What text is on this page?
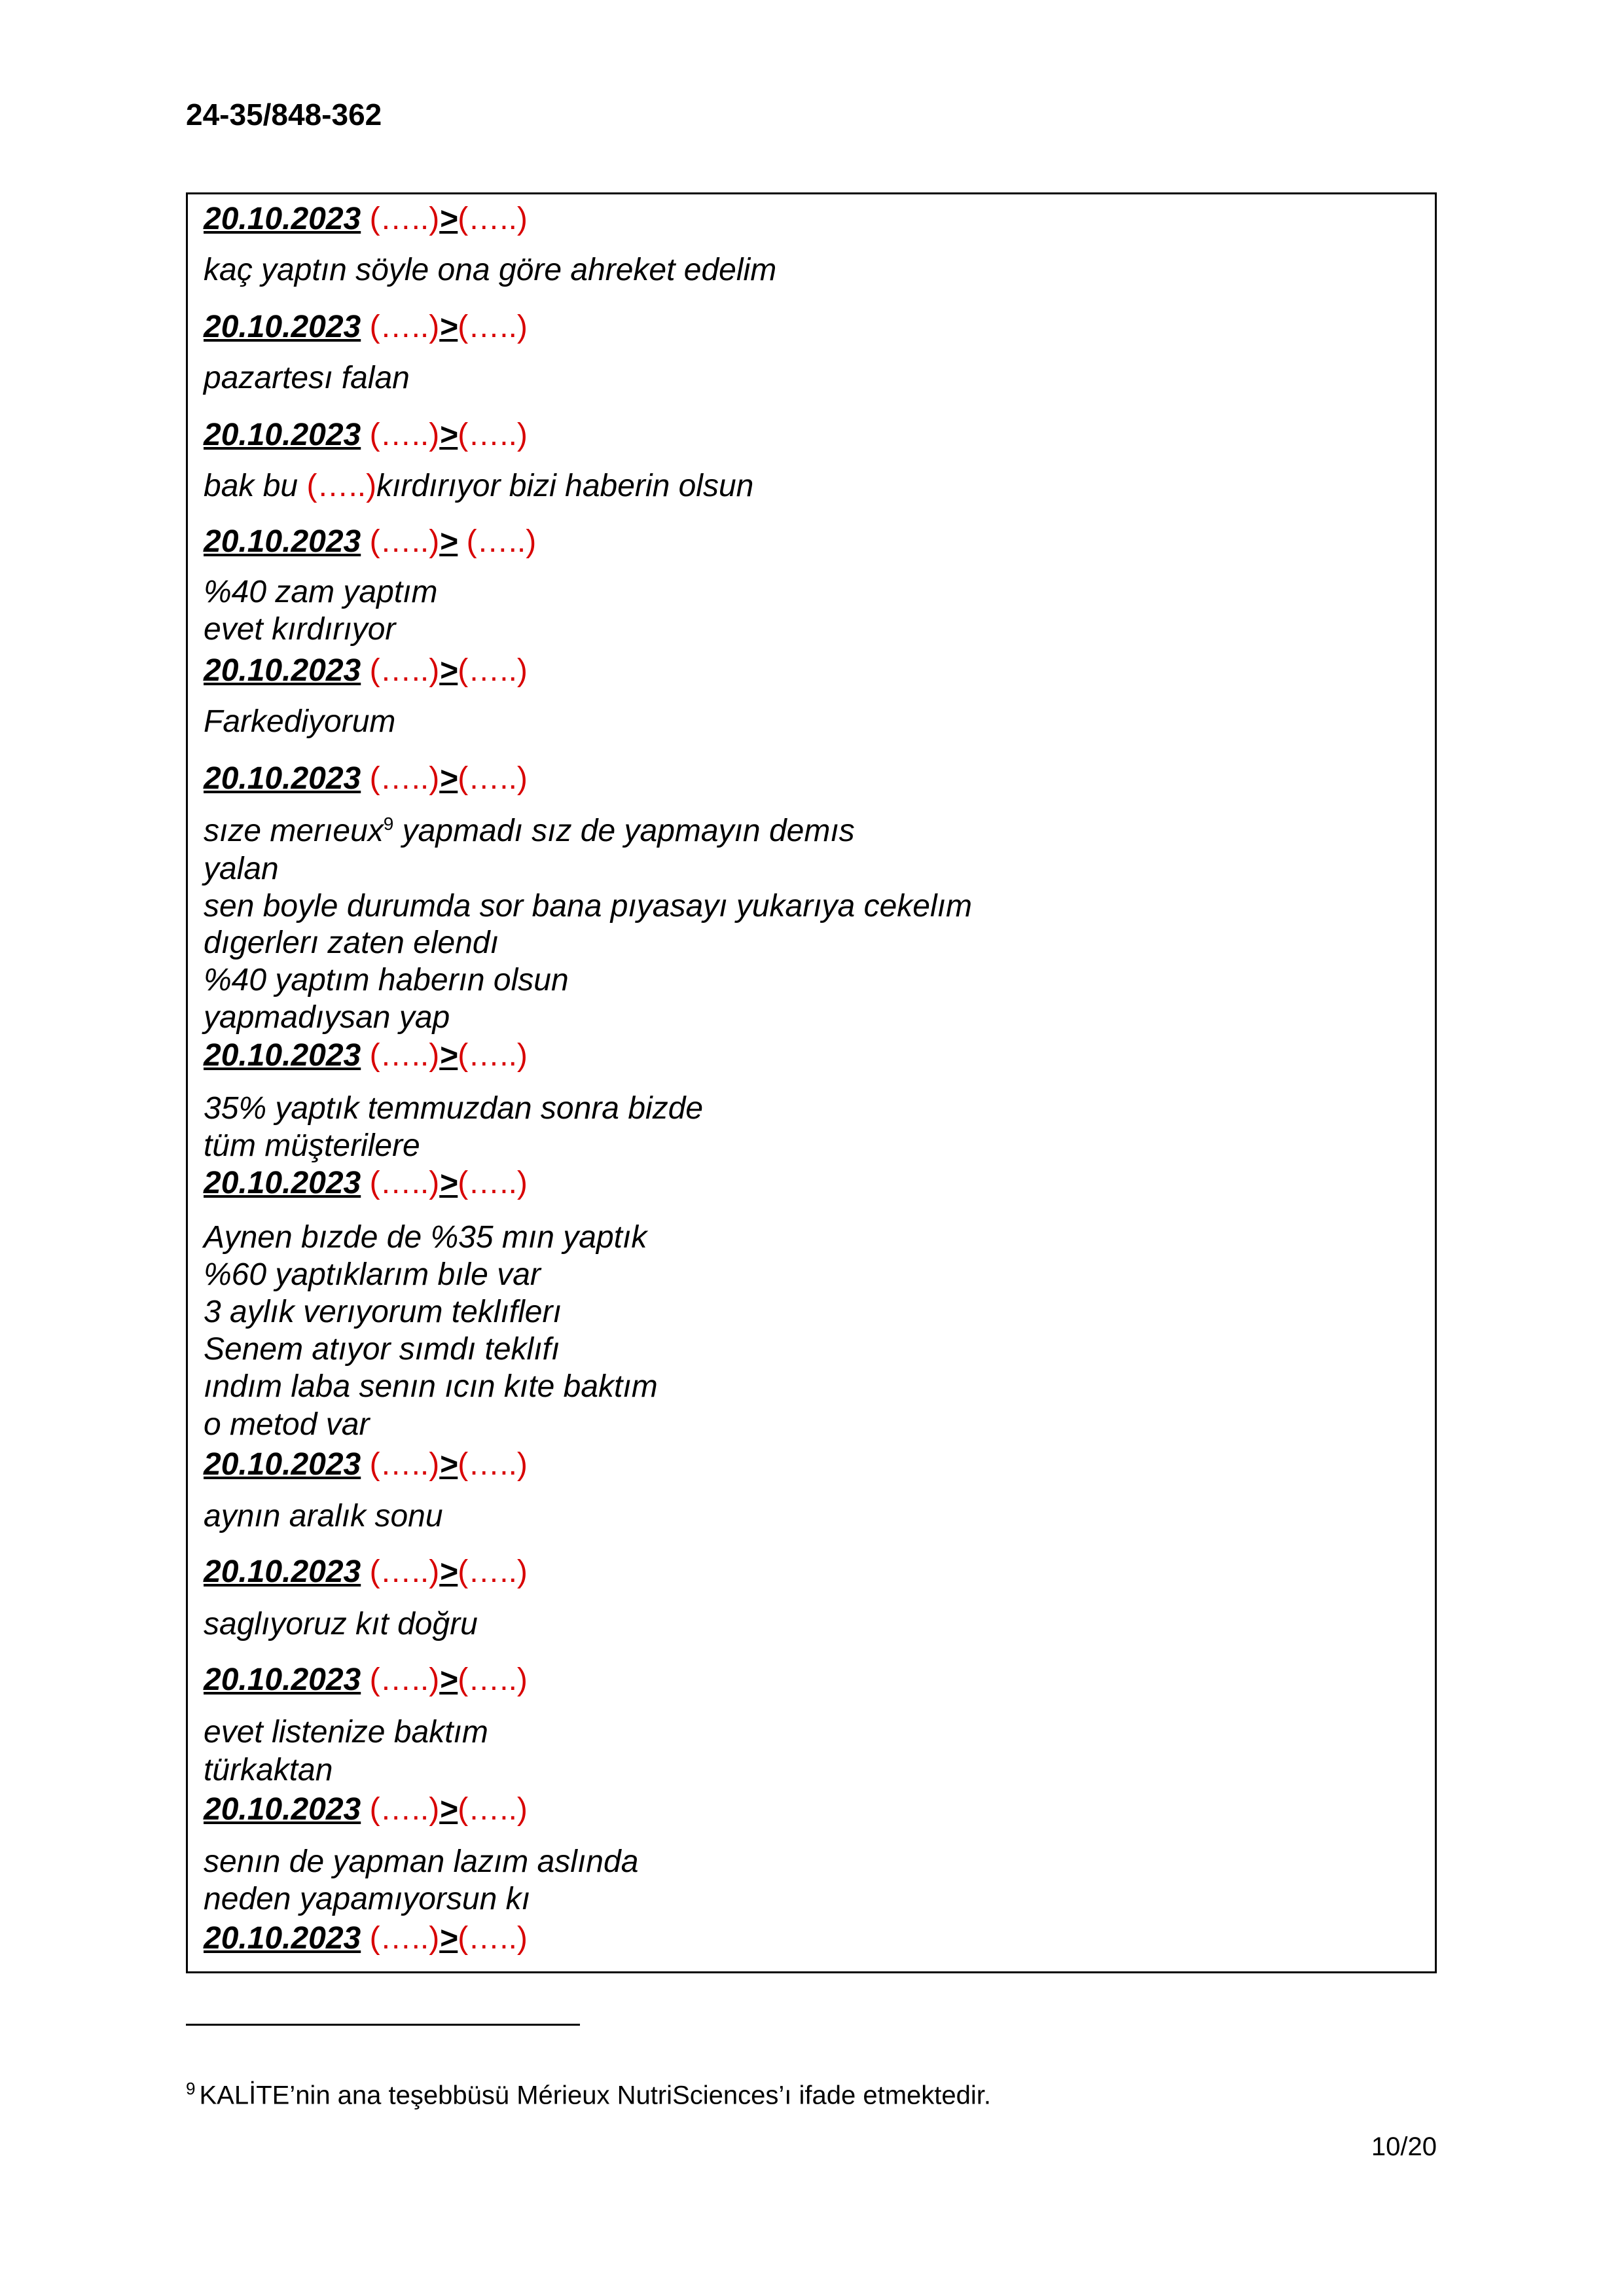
24-35/848-362
20.10.2023 (…..)>(…..)
kaç yaptın söyle ona göre ahreket edelim
20.10.2023 (…..)>(…..)
pazartesı falan
20.10.2023 (…..)>(…..)
bak bu (…..)kırdırıyor bizi haberin olsun
20.10.2023 (…..)> (…..)
%40 zam yaptım
evet kırdırıyor
20.10.2023 (…..)>(…..)
Farkediyorum
20.10.2023 (…..)>(…..)
sıze merıeux$^9$ yapmadı sız de yapmayın demıs
yalan
sen boyle durumda sor bana pıyasayı yukarıya cekelım
dıgerlerı zaten elendı
%40 yaptım haberın olsun
yapmadıysan yap
20.10.2023 (…..)>(…..)
35% yaptık temmuzdan sonra bizde
tüm müşterilere
20.10.2023 (…..)>(…..)
Aynen bızde de %35 mın yaptık
%60 yaptıklarım bıle var
3 aylık verıyorum teklıflerı
Senem atıyor sımdı teklıfı
ındım laba senın ıcın kıte baktım
o metod var
20.10.2023 (…..)>(…..)
aynın aralık sonu
20.10.2023 (…..)>(…..)
saglıyoruz kıt doğru
20.10.2023 (…..)>(…..)
evet listenize baktım
türkaktan
20.10.2023 (…..)>(…..)
senın de yapman lazım aslında
neden yapamıyorsun kı
20.10.2023 (…..)>(…..)
$^9$ KALİTE’nin ana teşebbüsü Mérieux NutriSciences’ı ifade etmektedir.
10/20
